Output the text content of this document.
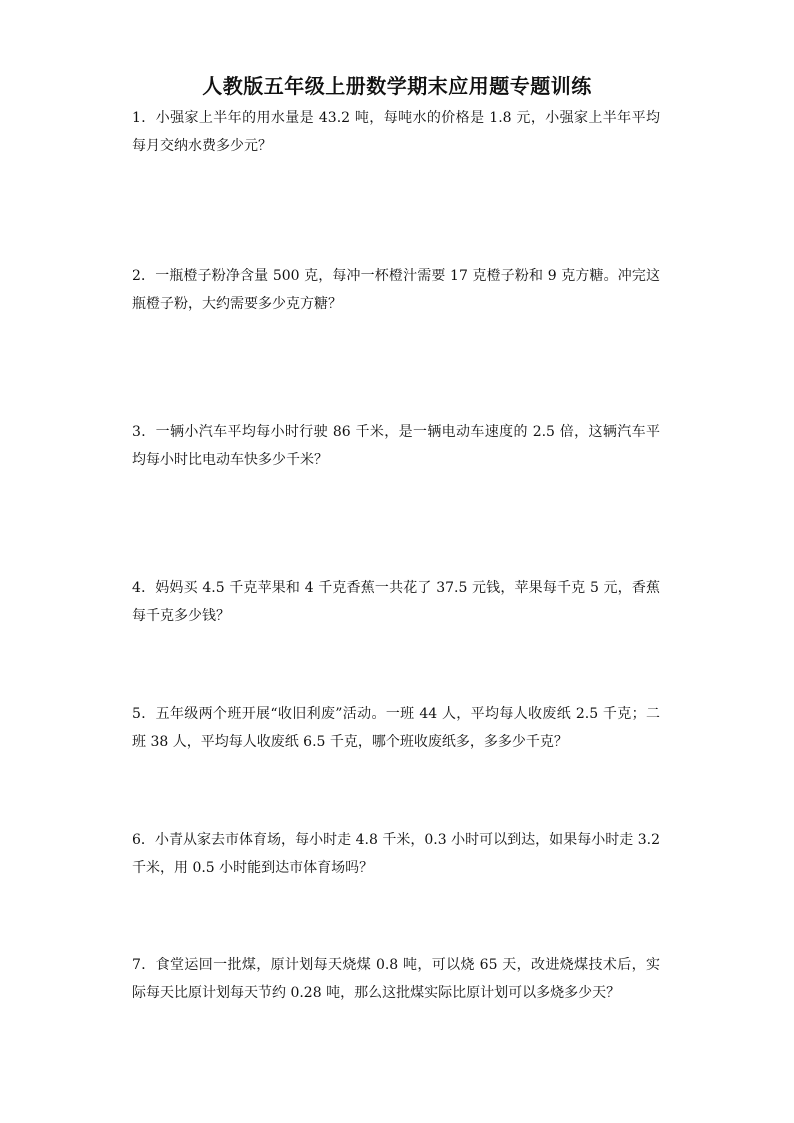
人教版五年级上册数学期末应用题专题训练
1．小强家上半年的用水量是 43.2 吨，每吨水的价格是 1.8 元，小强家上半年平均每月交纳水费多少元？
2．一瓶橙子粉净含量 500 克，每冲一杯橙汁需要 17 克橙子粉和 9 克方糖。冲完这瓶橙子粉，大约需要多少克方糖？
3．一辆小汽车平均每小时行驶 86 千米，是一辆电动车速度的 2.5 倍，这辆汽车平均每小时比电动车快多少千米？
4．妈妈买 4.5 千克苹果和 4 千克香蕉一共花了 37.5 元钱，苹果每千克 5 元，香蕉每千克多少钱？
5．五年级两个班开展“收旧利废”活动。一班 44 人，平均每人收废纸 2.5 千克；二班 38 人，平均每人收废纸 6.5 千克，哪个班收废纸多，多多少千克？
6．小青从家去市体育场，每小时走 4.8 千米，0.3 小时可以到达，如果每小时走 3.2 千米，用 0.5 小时能到达市体育场吗？
7．食堂运回一批煤，原计划每天烧煤 0.8 吨，可以烧 65 天，改进烧煤技术后，实际每天比原计划每天节约 0.28 吨，那么这批煤实际比原计划可以多烧多少天？
